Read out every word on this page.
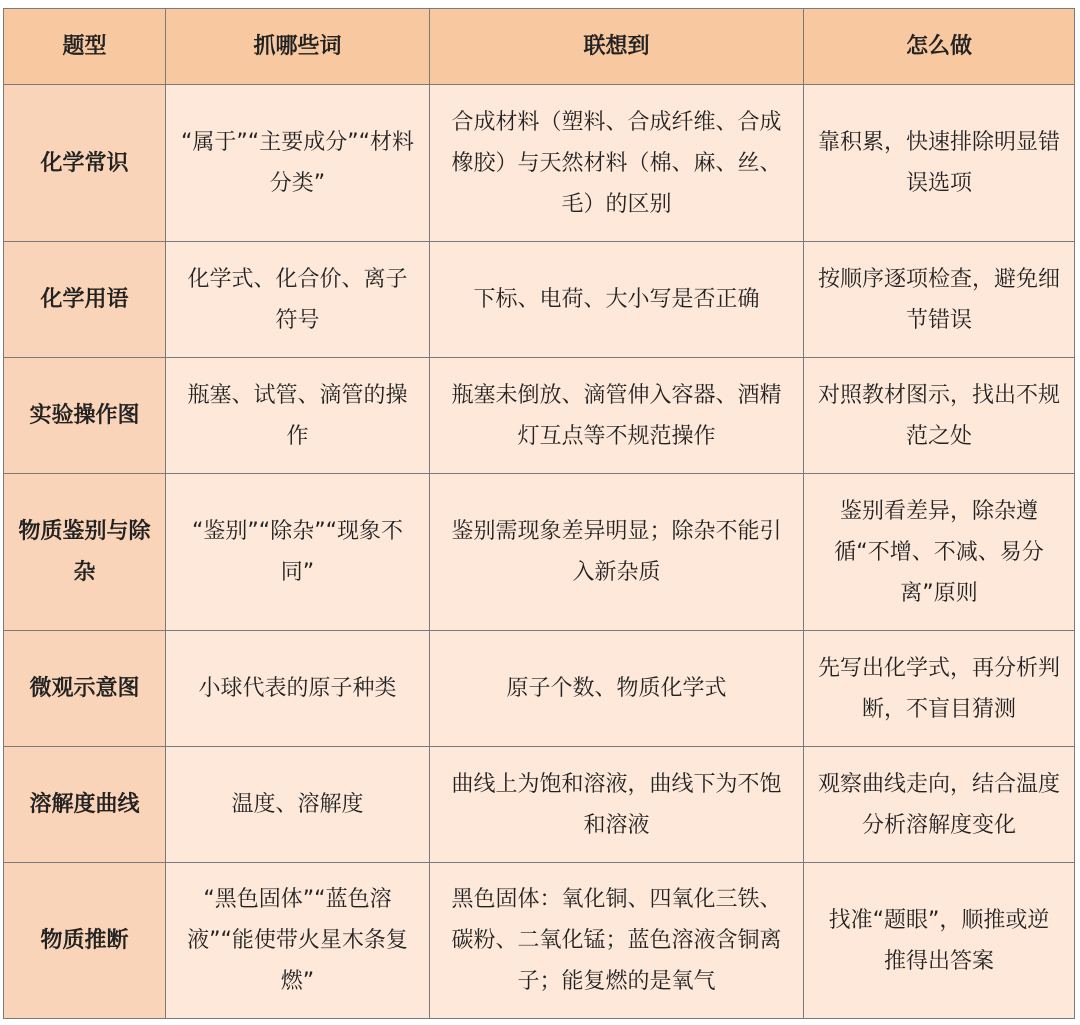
题型	抓哪些词	联想到	怎么做
化学常识	“属于”“主要成分”“材料分类”	合成材料（塑料、合成纤维、合成橡胶）与天然材料（棉、麻、丝、毛）的区别	靠积累，快速排除明显错误选项
化学用语	化学式、化合价、离子符号	下标、电荷、大小写是否正确	按顺序逐项检查，避免细节错误
实验操作图	瓶塞、试管、滴管的操作	瓶塞未倒放、滴管伸入容器、酒精灯互点等不规范操作	对照教材图示，找出不规范之处
物质鉴别与除杂	“鉴别”“除杂”“现象不同”	鉴别需现象差异明显；除杂不能引入新杂质	鉴别看差异，除杂遵循“不增、不减、易分离”原则
微观示意图	小球代表的原子种类	原子个数、物质化学式	先写出化学式，再分析判断，不盲目猜测
溶解度曲线	温度、溶解度	曲线上为饱和溶液，曲线下为不饱和溶液	观察曲线走向，结合温度分析溶解度变化
物质推断	“黑色固体”“蓝色溶液”“能使带火星木条复燃”	黑色固体：氧化铜、四氧化三铁、碳粉、二氧化锰；蓝色溶液含铜离子；能复燃的是氧气	找准“题眼”，顺推或逆推得出答案
